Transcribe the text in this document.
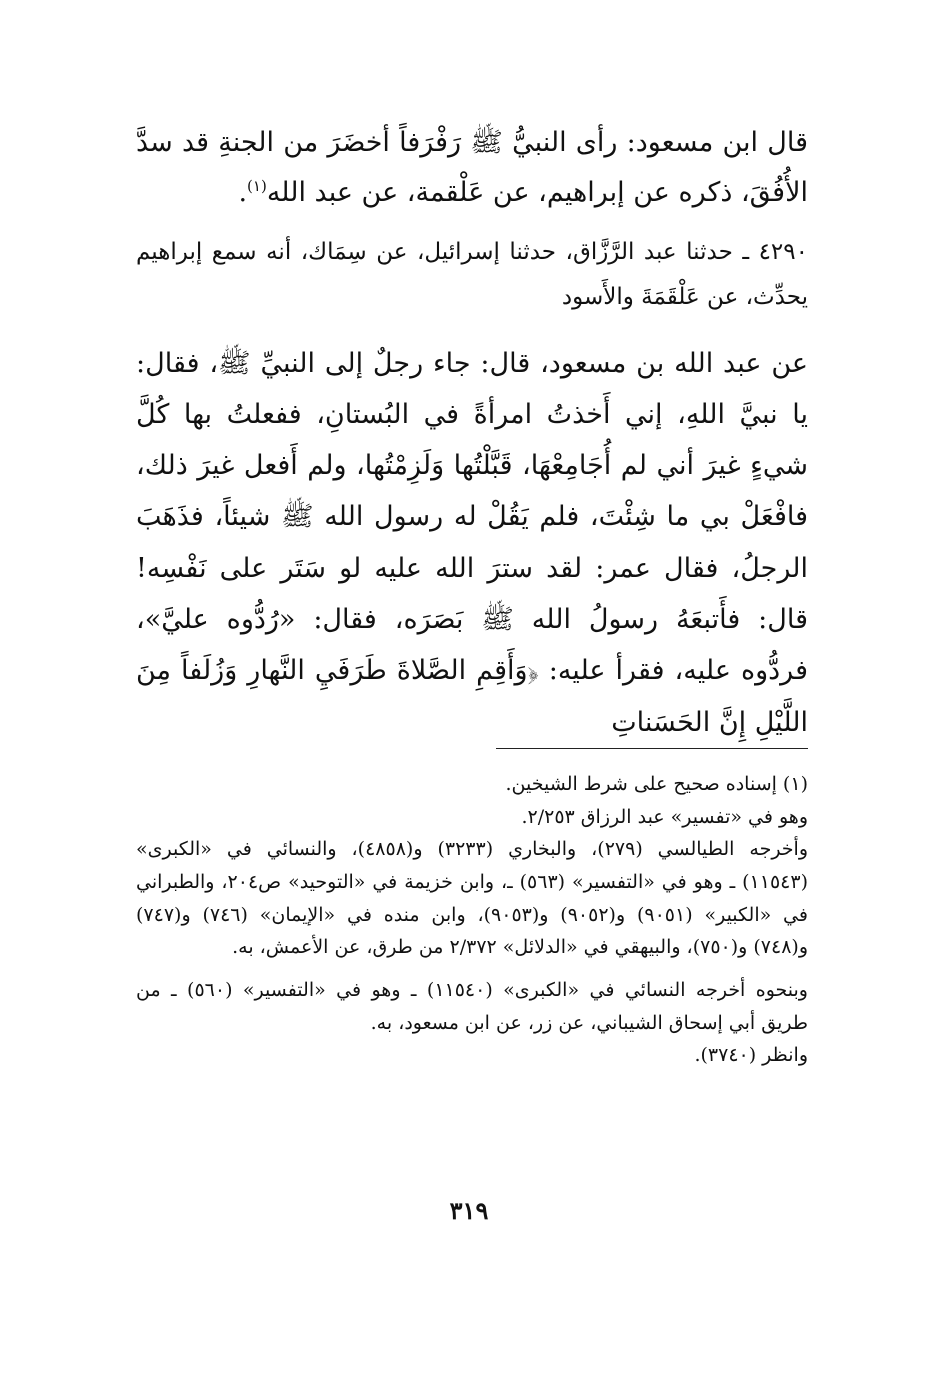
قال ابن مسعود: رأى النبيُّ ﷺ رَفْرَفاً أخضَرَ من الجنةِ قد سدَّ الأُفُقَ، ذكره عن إبراهيم، عن عَلْقمة، عن عبد الله$^{(١)}$.

٤٢٩٠ ـ حدثنا عبد الرَّزَّاق، حدثنا إسرائيل، عن سِمَاك، أنه سمع إبراهيم يحدِّث، عن عَلْقَمَةَ والأَسود

عن عبد الله بن مسعود، قال: جاء رجلٌ إلى النبيِّ ﷺ، فقال: يا نبيَّ اللهِ، إني أَخذتُ امرأةً في البُستانِ، ففعلتُ بها كُلَّ شيءٍ غيرَ أني لم أُجَامِعْهَا، قَبَّلْتُها وَلَزِمْتُها، ولم أَفعل غيرَ ذلك، فافْعَلْ بي ما شِئْتَ، فلم يَقُلْ له رسول الله ﷺ شيئاً، فذَهَبَ الرجلُ، فقال عمر: لقد سترَ الله عليه لو سَتَر على نَفْسِه! قال: فأَتبعَهُ رسولُ الله ﷺ بَصَرَه، فقال: «رُدُّوه عليَّ»، فردُّوه عليه، فقرأ عليه: ﴿وَأَقِمِ الصَّلاةَ طَرَفَيِ النَّهارِ وَزُلَفاً مِنَ اللَّيْلِ إِنَّ الحَسَناتِ

(١) إسناده صحيح على شرط الشيخين.

وهو في «تفسير» عبد الرزاق ٢/٢٥٣.

وأخرجه الطيالسي (٢٧٩)، والبخاري (٣٢٣٣) و(٤٨٥٨)، والنسائي في «الكبرى» (١١٥٤٣) ـ وهو في «التفسير» (٥٦٣) ـ، وابن خزيمة في «التوحيد» ص٢٠٤، والطبراني في «الكبير» (٩٠٥١) و(٩٠٥٢) و(٩٠٥٣)، وابن منده في «الإيمان» (٧٤٦) و(٧٤٧) و(٧٤٨) و(٧٥٠)، والبيهقي في «الدلائل» ٢/٣٧٢ من طرق، عن الأعمش، به.

وبنحوه أخرجه النسائي في «الكبرى» (١١٥٤٠) ـ وهو في «التفسير» (٥٦٠) ـ من طريق أبي إسحاق الشيباني، عن زر، عن ابن مسعود، به.

وانظر (٣٧٤٠).

٣١٩
